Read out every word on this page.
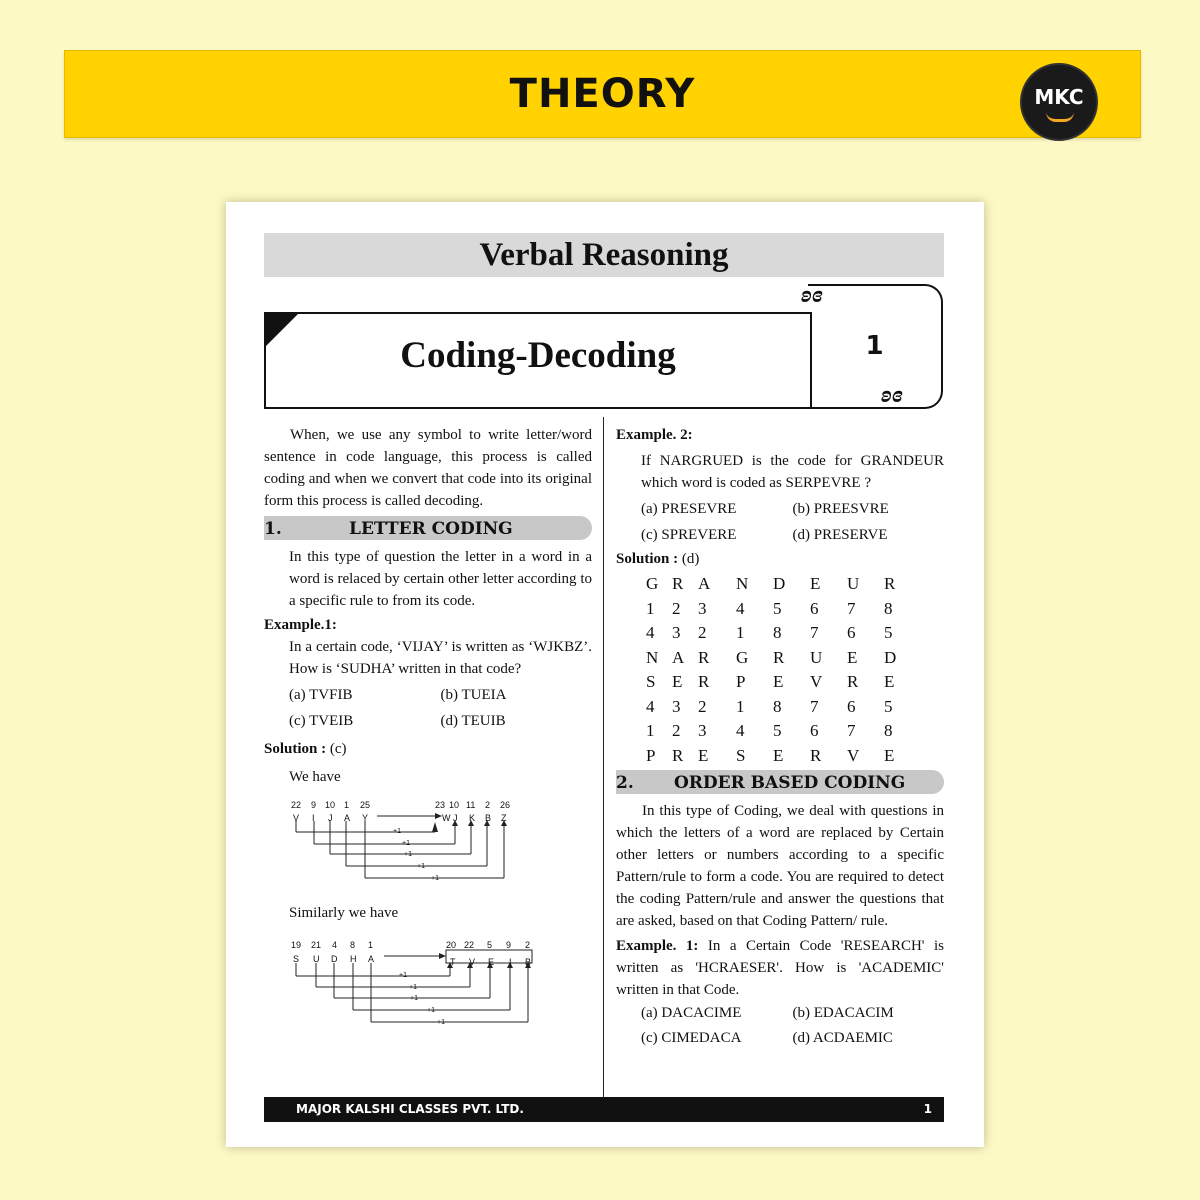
THEORY	MKC
Verbal Reasoning
1
ʚɞ
ʚɞ
Coding-Decoding

When, we use any symbol to write letter/word sentence in code language, this process is called coding and when we convert that code into its original form this process is called decoding.

1.	LETTER CODING

In this type of question the letter in a word in a word is relaced by certain other letter according to a specific rule to from its code.

Example.1:

In a certain code, ‘VIJAY’ is written as ‘WJKBZ’. How is ‘SUDHA’ written in that code?

(a) TVFIB	(b) TUEIA
(c) TVEIB	(d) TEUIB

Solution : (c)

We have

22 9 10 1 25
V I J A Y
23 10 11 2 26
W J K B Z
+1
+1
+1
+1
+1

Similarly we have

19 21 4 8 1
S U D H A
20 22 5 9 2
T V E I B
+1
+1
+1
+1
+1

Example. 2:

If NARGRUED is the code for GRANDEUR which word is coded as SERPEVRE ?

(a) PRESEVRE	(b) PREESVRE
(c) SPREVERE	(d) PRESERVE

Solution : (d)

G R A	N	D	E	U	R
1	2	3	4	5	6	7	8
4	3	2	1	8	7	6	5
N A R	G	R	U	E	D
S E R	P	E	V	R	E
4	3	2	1	8	7	6	5
1	2	3	4	5	6	7	8
P R E	S	E	R	V	E
2. ORDER BASED CODING

In this type of Coding, we deal with questions in which the letters of a word are replaced by Certain other letters or numbers according to a specific Pattern/rule to form a code. You are required to detect the coding Pattern/rule and answer the questions that are asked, based on that Coding Pattern/ rule.

Example. 1: In a Certain Code 'RESEARCH' is written as 'HCRAESER'. How is 'ACADEMIC' written in that Code.

(a) DACACIME	(b) EDACACIM
(c) CIMEDACA	(d) ACDAEMIC
MAJOR KALSHI CLASSES PVT. LTD.	1
